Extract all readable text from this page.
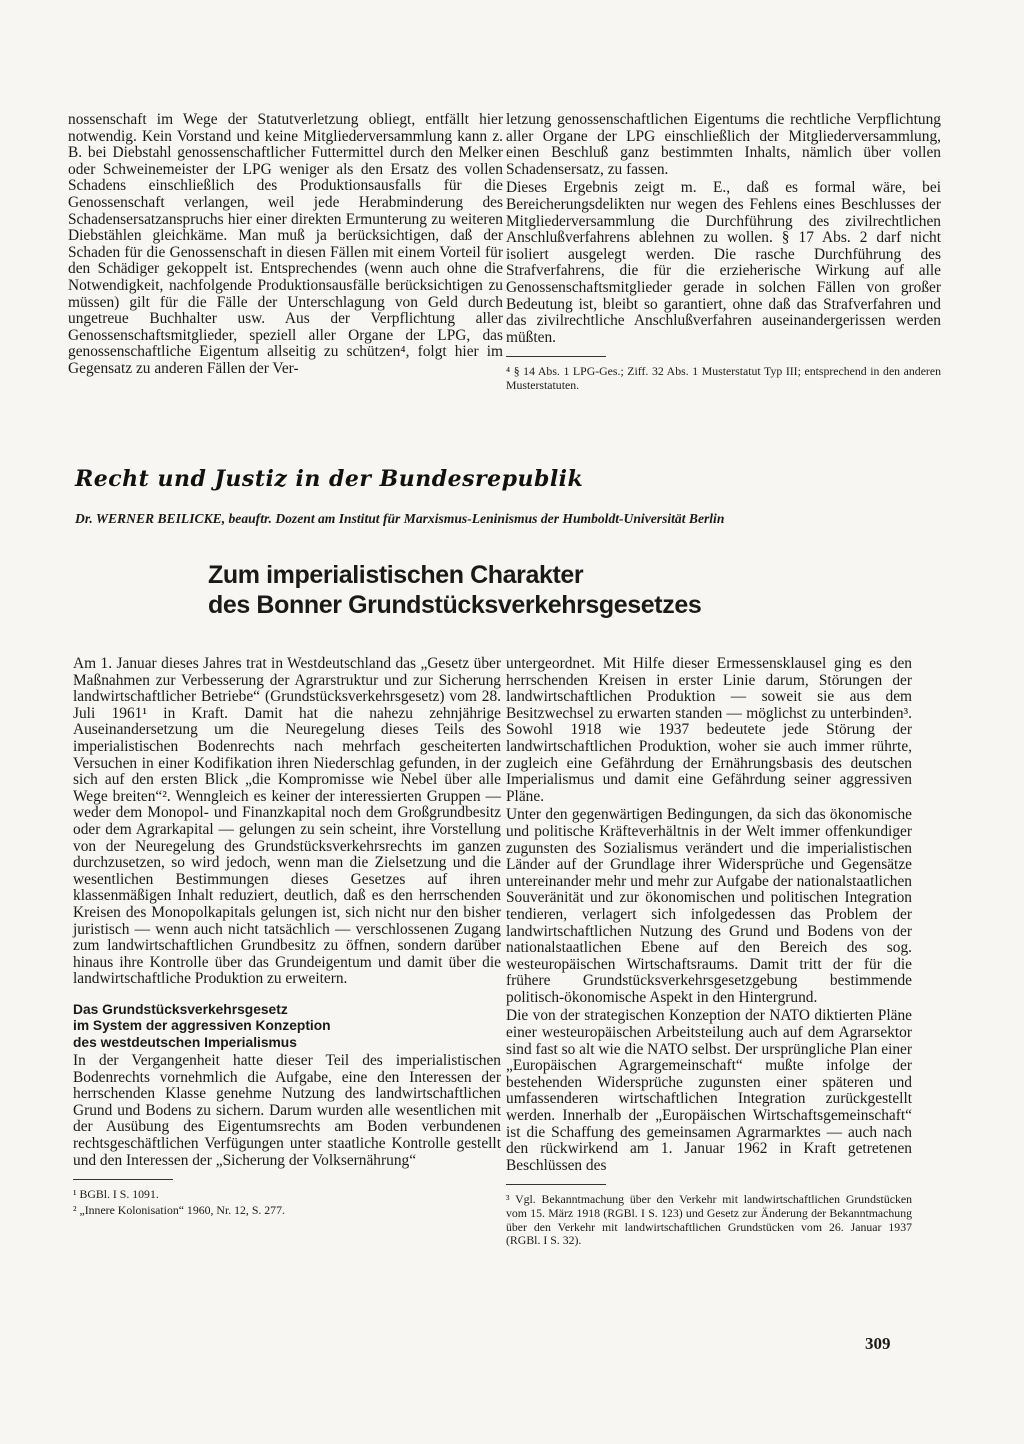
nossenschaft im Wege der Statutverletzung obliegt, entfällt hier notwendig. Kein Vorstand und keine Mitgliederversammlung kann z. B. bei Diebstahl genossenschaftlicher Futtermittel durch den Melker oder Schweinemeister der LPG weniger als den Ersatz des vollen Schadens einschließlich des Produktionsausfalls für die Genossenschaft verlangen, weil jede Herabminderung des Schadensersatzanspruchs hier einer direkten Ermunterung zu weiteren Diebstählen gleichkäme. Man muß ja berücksichtigen, daß der Schaden für die Genossenschaft in diesen Fällen mit einem Vorteil für den Schädiger gekoppelt ist. Entsprechendes (wenn auch ohne die Notwendigkeit, nachfolgende Produktionsausfälle berücksichtigen zu müssen) gilt für die Fälle der Unterschlagung von Geld durch ungetreue Buchhalter usw. Aus der Verpflichtung aller Genossenschaftsmitglieder, speziell aller Organe der LPG, das genossenschaftliche Eigentum allseitig zu schützen⁴, folgt hier im Gegensatz zu anderen Fällen der Ver-

letzung genossenschaftlichen Eigentums die rechtliche Verpflichtung aller Organe der LPG einschließlich der Mitgliederversammlung, einen Beschluß ganz bestimmten Inhalts, nämlich über vollen Schadensersatz, zu fassen.

Dieses Ergebnis zeigt m. E., daß es formal wäre, bei Bereicherungsdelikten nur wegen des Fehlens eines Beschlusses der Mitgliederversammlung die Durchführung des zivilrechtlichen Anschlußverfahrens ablehnen zu wollen. § 17 Abs. 2 darf nicht isoliert ausgelegt werden. Die rasche Durchführung des Strafverfahrens, die für die erzieherische Wirkung auf alle Genossenschaftsmitglieder gerade in solchen Fällen von großer Bedeutung ist, bleibt so garantiert, ohne daß das Strafverfahren und das zivilrechtliche Anschlußverfahren auseinandergerissen werden müßten.

⁴ § 14 Abs. 1 LPG-Ges.; Ziff. 32 Abs. 1 Musterstatut Typ III; entsprechend in den anderen Musterstatuten.

Recht und Justiz in der Bundesrepublik
Dr. WERNER BEILICKE, beauftr. Dozent am Institut für Marxismus-Leninismus der Humboldt-Universität Berlin
Zum imperialistischen Charakter
des Bonner Grundstücksverkehrsgesetzes

Am 1. Januar dieses Jahres trat in Westdeutschland das „Gesetz über Maßnahmen zur Verbesserung der Agrarstruktur und zur Sicherung landwirtschaftlicher Betriebe“ (Grundstücksverkehrsgesetz) vom 28. Juli 1961¹ in Kraft. Damit hat die nahezu zehnjährige Auseinandersetzung um die Neuregelung dieses Teils des imperialistischen Bodenrechts nach mehrfach gescheiterten Versuchen in einer Kodifikation ihren Niederschlag gefunden, in der sich auf den ersten Blick „die Kompromisse wie Nebel über alle Wege breiten“². Wenngleich es keiner der interessierten Gruppen — weder dem Monopol- und Finanzkapital noch dem Großgrundbesitz oder dem Agrarkapital — gelungen zu sein scheint, ihre Vorstellung von der Neuregelung des Grundstücksverkehrsrechts im ganzen durchzusetzen, so wird jedoch, wenn man die Zielsetzung und die wesentlichen Bestimmungen dieses Gesetzes auf ihren klassenmäßigen Inhalt reduziert, deutlich, daß es den herrschenden Kreisen des Monopolkapitals gelungen ist, sich nicht nur den bisher juristisch — wenn auch nicht tatsächlich — verschlossenen Zugang zum landwirtschaftlichen Grundbesitz zu öffnen, sondern darüber hinaus ihre Kontrolle über das Grundeigentum und damit über die landwirtschaftliche Produktion zu erweitern.

Das Grundstücksverkehrsgesetz
im System der aggressiven Konzeption
des westdeutschen Imperialismus

In der Vergangenheit hatte dieser Teil des imperialistischen Bodenrechts vornehmlich die Aufgabe, eine den Interessen der herrschenden Klasse genehme Nutzung des landwirtschaftlichen Grund und Bodens zu sichern. Darum wurden alle wesentlichen mit der Ausübung des Eigentumsrechts am Boden verbundenen rechtsgeschäftlichen Verfügungen unter staatliche Kontrolle gestellt und den Interessen der „Sicherung der Volksernährung“

¹ BGBl. I S. 1091.

² „Innere Kolonisation“ 1960, Nr. 12, S. 277.

untergeordnet. Mit Hilfe dieser Ermessensklausel ging es den herrschenden Kreisen in erster Linie darum, Störungen der landwirtschaftlichen Produktion — soweit sie aus dem Besitzwechsel zu erwarten standen — möglichst zu unterbinden³. Sowohl 1918 wie 1937 bedeutete jede Störung der landwirtschaftlichen Produktion, woher sie auch immer rührte, zugleich eine Gefährdung der Ernährungsbasis des deutschen Imperialismus und damit eine Gefährdung seiner aggressiven Pläne.

Unter den gegenwärtigen Bedingungen, da sich das ökonomische und politische Kräfteverhältnis in der Welt immer offenkundiger zugunsten des Sozialismus verändert und die imperialistischen Länder auf der Grundlage ihrer Widersprüche und Gegensätze untereinander mehr und mehr zur Aufgabe der nationalstaatlichen Souveränität und zur ökonomischen und politischen Integration tendieren, verlagert sich infolgedessen das Problem der landwirtschaftlichen Nutzung des Grund und Bodens von der nationalstaatlichen Ebene auf den Bereich des sog. westeuropäischen Wirtschaftsraums. Damit tritt der für die frühere Grundstücksverkehrsgesetzgebung bestimmende politisch-ökonomische Aspekt in den Hintergrund.

Die von der strategischen Konzeption der NATO diktierten Pläne einer westeuropäischen Arbeitsteilung auch auf dem Agrarsektor sind fast so alt wie die NATO selbst. Der ursprüngliche Plan einer „Europäischen Agrargemeinschaft“ mußte infolge der bestehenden Widersprüche zugunsten einer späteren und umfassenderen wirtschaftlichen Integration zurückgestellt werden. Innerhalb der „Europäischen Wirtschaftsgemeinschaft“ ist die Schaffung des gemeinsamen Agrarmarktes — auch nach den rückwirkend am 1. Januar 1962 in Kraft getretenen Beschlüssen des

³ Vgl. Bekanntmachung über den Verkehr mit landwirtschaftlichen Grundstücken vom 15. März 1918 (RGBl. I S. 123) und Gesetz zur Änderung der Bekanntmachung über den Verkehr mit landwirtschaftlichen Grundstücken vom 26. Januar 1937 (RGBl. I S. 32).

309
